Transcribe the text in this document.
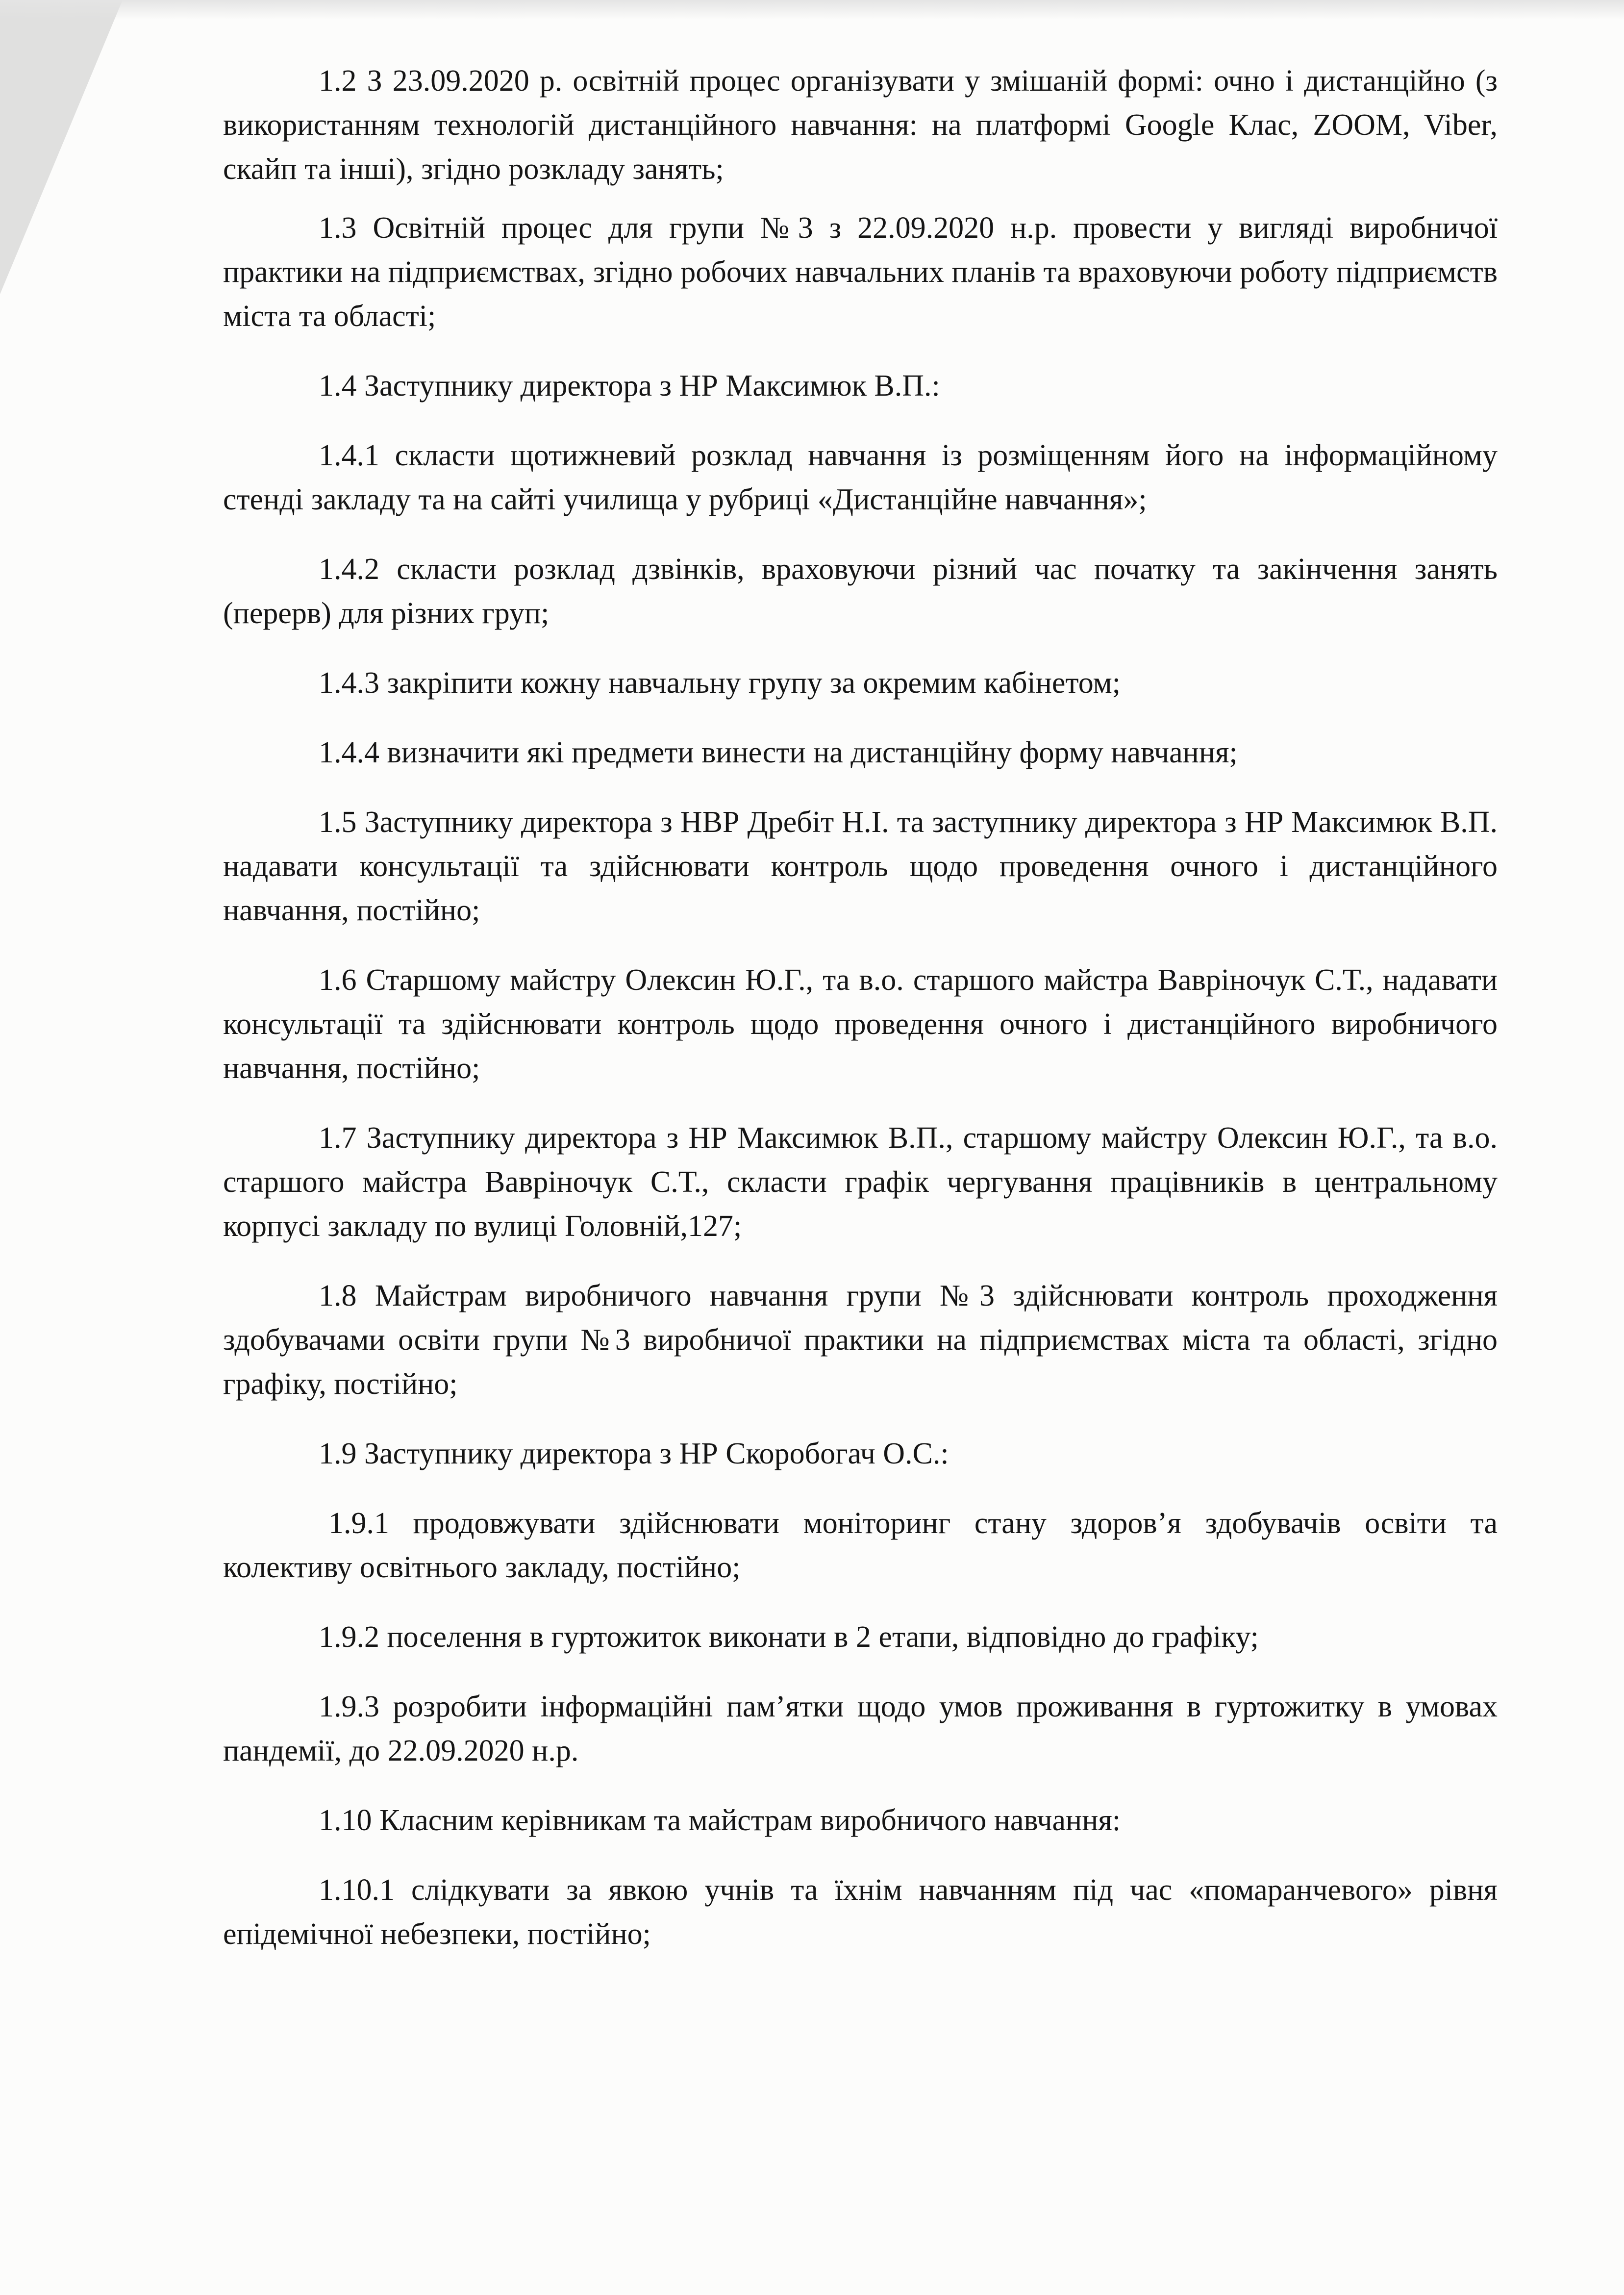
1.2 З 23.09.2020 р. освітній процес організувати у змішаній формі: очно і дистанційно (з використанням технологій дистанційного навчання: на платформі Google Клас, ZOOM, Viber, скайп та інші), згідно розкладу занять;

1.3 Освітній процес для групи №3 з 22.09.2020 н.р. провести у вигляді виробничої практики на підприємствах, згідно робочих навчальних планів та враховуючи роботу підприємств міста та області;

1.4 Заступнику директора з НР Максимюк В.П.:

1.4.1 скласти щотижневий розклад навчання із розміщенням його на інформаційному стенді закладу та на сайті училища у рубриці «Дистанційне навчання»;

1.4.2 скласти розклад дзвінків, враховуючи різний час початку та закінчення занять (перерв) для різних груп;

1.4.3 закріпити кожну навчальну групу за окремим кабінетом;

1.4.4 визначити які предмети винести на дистанційну форму навчання;

1.5 Заступнику директора з НВР Дребіт Н.І. та заступнику директора з НР Максимюк В.П. надавати консультації та здійснювати контроль щодо проведення очного і дистанційного навчання, постійно;

1.6 Старшому майстру Олексин Ю.Г., та в.о. старшого майстра Вавріночук С.Т., надавати консультації та здійснювати контроль щодо проведення очного і дистанційного виробничого навчання, постійно;

1.7 Заступнику директора з НР Максимюк В.П., старшому майстру Олексин Ю.Г., та в.о. старшого майстра Вавріночук С.Т., скласти графік чергування працівників в центральному корпусі закладу по вулиці Головній,127;

1.8 Майстрам виробничого навчання групи №3 здійснювати контроль проходження здобувачами освіти групи №3 виробничої практики на підприємствах міста та області, згідно графіку, постійно;

1.9 Заступнику директора з НР Скоробогач О.С.:

1.9.1 продовжувати здійснювати моніторинг стану здоров’я здобувачів освіти та колективу освітнього закладу, постійно;

1.9.2 поселення в гуртожиток виконати в 2 етапи, відповідно до графіку;

1.9.3 розробити інформаційні пам’ятки щодо умов проживання в гуртожитку в умовах пандемії, до 22.09.2020 н.р.

1.10 Класним керівникам та майстрам виробничого навчання:

1.10.1 слідкувати за явкою учнів та їхнім навчанням під час «помаранчевого» рівня епідемічної небезпеки, постійно;
